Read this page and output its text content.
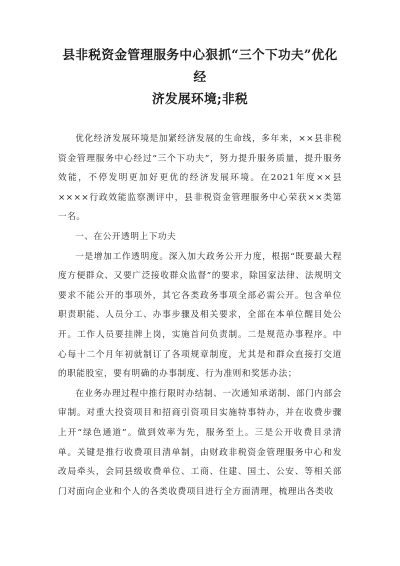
县非税资金管理服务中心狠抓“三个下功夫”优化经
济发展环境;非税

优化经济发展环境是加紧经济发展的生命线，多年来，××县非税资金管理服务中心经过“三个下功夫”，努力提升服务质量，提升服务效能，不停发明更加好更优的经济发展环境。在2021年度××县××××行政效能监察测评中，县非税资金管理服务中心荣获××类第一名。

一、在公开透明上下功夫

一是增加工作透明度。深入加大政务公开力度，根据“既要最大程度方便群众、又要广泛接收群众监督”的要求，除国家法律、法规明文要求不能公开的事项外，其它各类政务事项全部必需公开。包含单位职责职能、人员分工、办事步骤及相关要求，全部在本单位醒目处公开。工作人员要挂牌上岗，实施首问负责制。二是规范办事程序。中心每十二个月年初就制订了各项规章制度，尤其是和群众直接打交道的职能股室，要有明确的办事制度、行为准则和奖惩办法；

在业务办理过程中推行限时办结制、一次通知承诺制、部门内部会审制。对重大投资项目和招商引资项目实施特事特办，并在收费步骤上开“绿色通道”。做到效率为先，服务至上。三是公开收费目录清单。关键是推行收费项目清单制，由财政非税资金管理服务中心和发改局牵头，会同县级收费单位、工商、住建、国土、公安、等相关部门对面向企业和个人的各类收费项目进行全方面清理，梳理出各类收
